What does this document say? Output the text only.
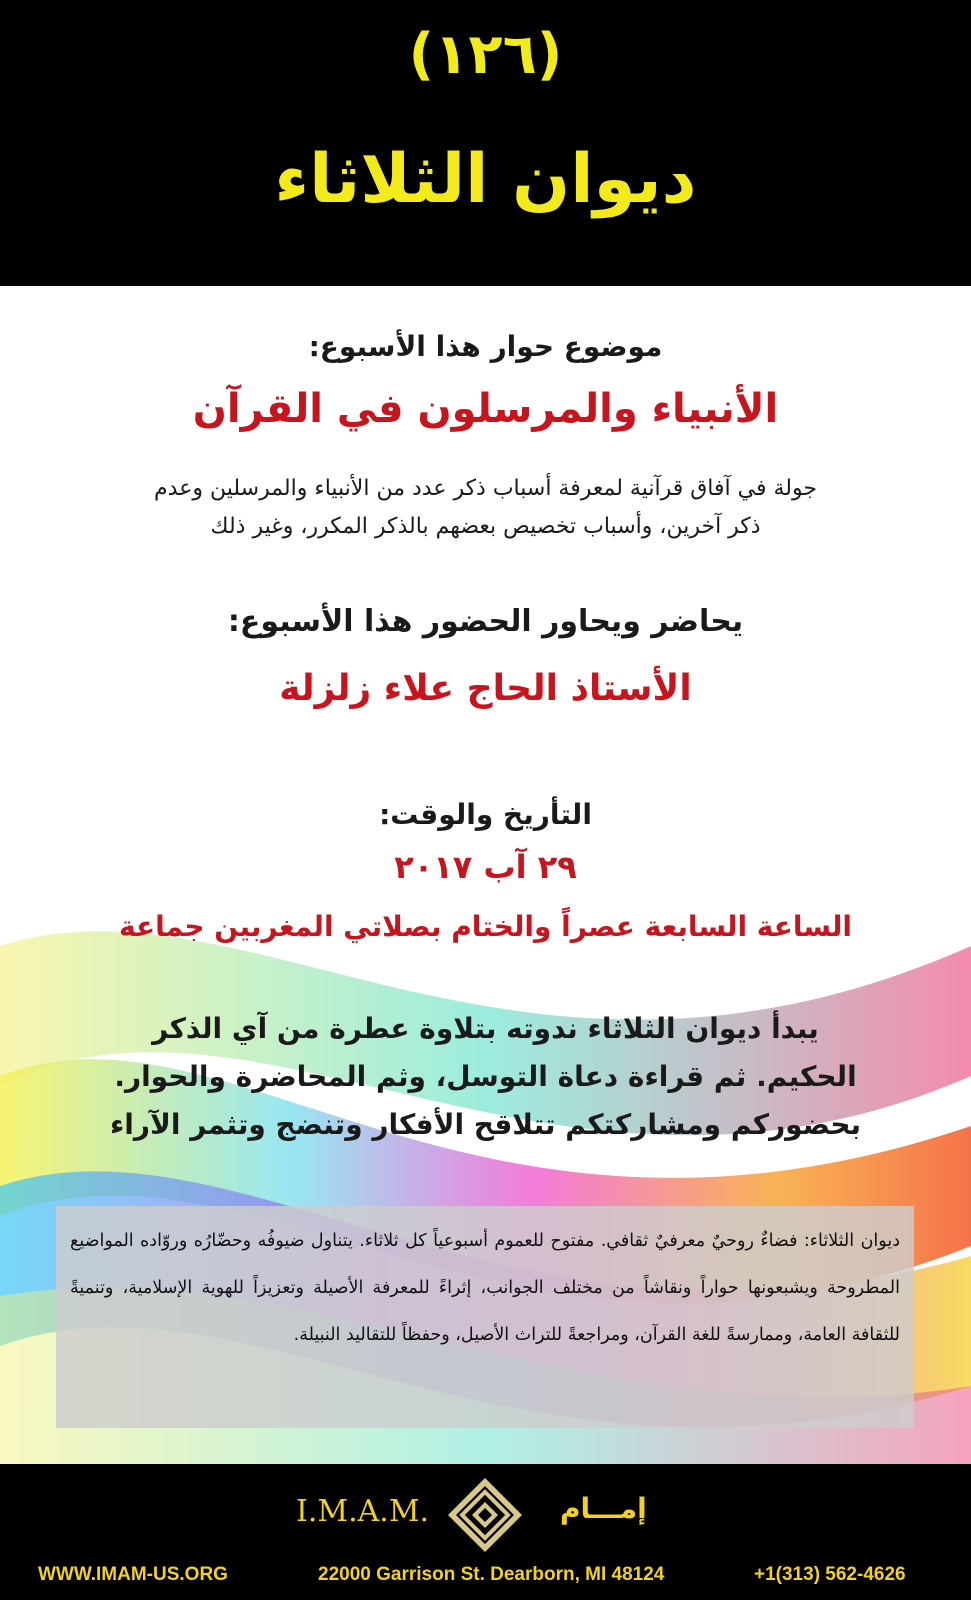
(١٢٦)
ديوان الثلاثاء
موضوع حوار هذا الأسبوع:
الأنبياء والمرسلون في القرآن
جولة في آفاق قرآنية لمعرفة أسباب ذكر عدد من الأنبياء والمرسلين وعدم
ذكر آخرين، وأسباب تخصيص بعضهم بالذكر المكرر، وغير ذلك
يحاضر ويحاور الحضور هذا الأسبوع:
الأستاذ الحاج علاء زلزلة
التأريخ والوقت:
٢٩ آب ٢٠١٧
الساعة السابعة عصراً والختام بصلاتي المغربين جماعة
يبدأ ديوان الثلاثاء ندوته بتلاوة عطرة من آي الذكر
الحكيم. ثم قراءة دعاة التوسل، وثم المحاضرة والحوار.
بحضوركم ومشاركتكم تتلاقح الأفكار وتنضج وتثمر الآراء
ديوان الثلاثاء: فضاءٌ روحيٌ معرفيٌ ثقافي. مفتوح للعموم أسبوعياً كل ثلاثاء. يتناول ضيوفُه وحضّارُه وروّاده المواضيع المطروحة ويشبعونها حواراً ونقاشاً من مختلف الجوانب، إثراءً للمعرفة الأصيلة وتعزيزاً للهوية الإسلامية، وتنميةً للثقافة العامة، وممارسةً للغة القرآن، ومراجعةً للتراث الأصيل، وحفظاً للتقاليد النبيلة.
I.M.A.M.	إمـــام
WWW.IMAM-US.ORG	22000 Garrison St. Dearborn, MI 48124	+1(313) 562-4626
